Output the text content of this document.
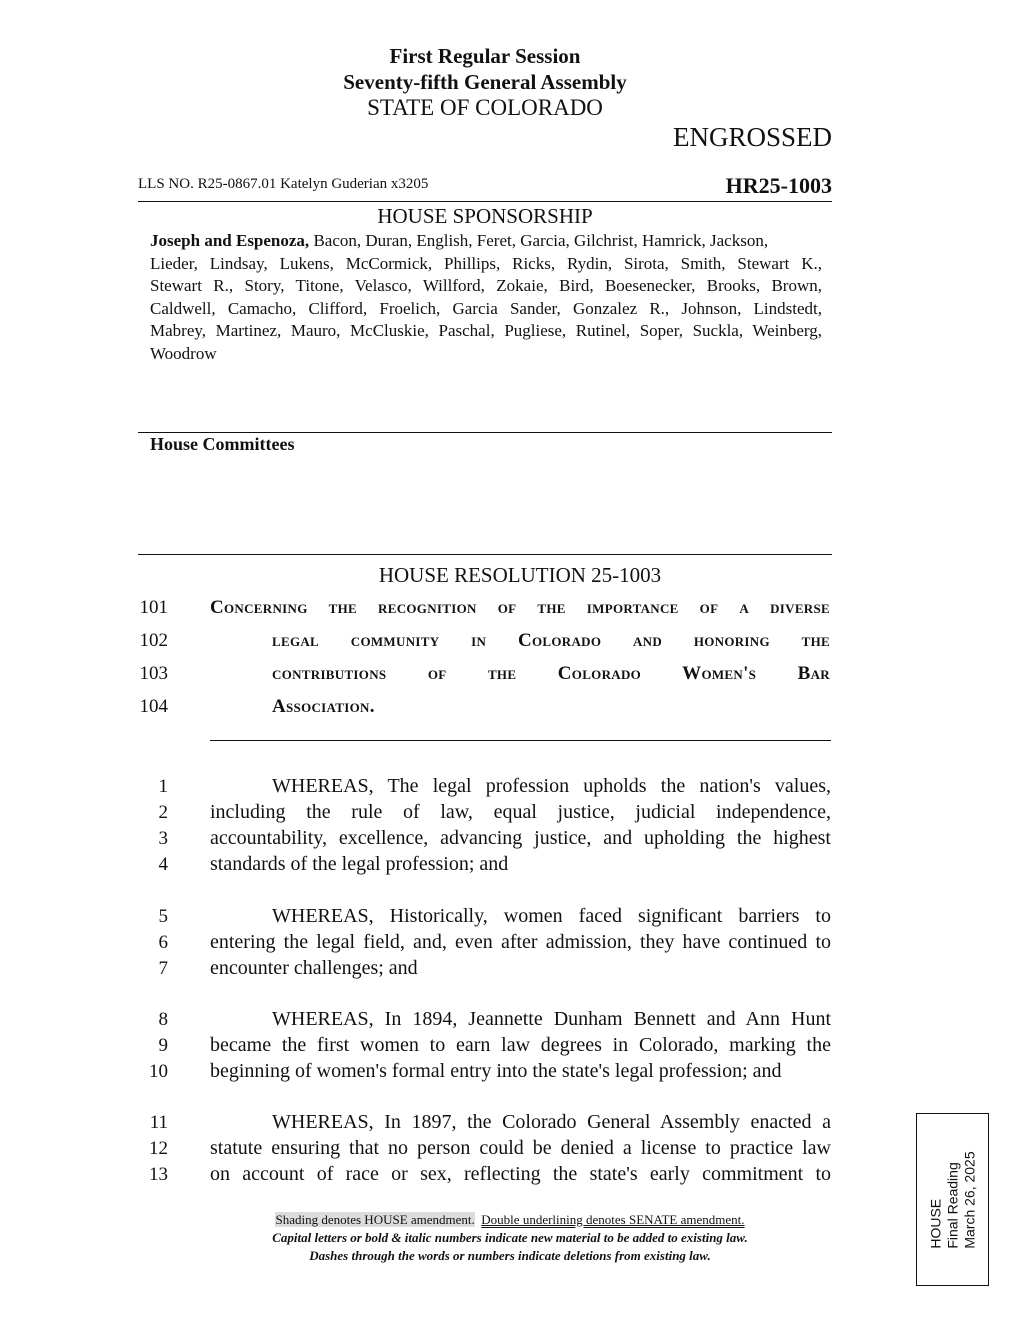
First Regular Session
Seventy-fifth General Assembly
STATE OF COLORADO
ENGROSSED
LLS NO. R25-0867.01 Katelyn Guderian x3205	HR25-1003
HOUSE SPONSORSHIP
Joseph and Espenoza, Bacon, Duran, English, Feret, Garcia, Gilchrist, Hamrick, Jackson,
Lieder, Lindsay, Lukens, McCormick, Phillips, Ricks, Rydin, Sirota, Smith, Stewart K.,
Stewart R., Story, Titone, Velasco, Willford, Zokaie, Bird, Boesenecker, Brooks, Brown,
Caldwell, Camacho, Clifford, Froelich, Garcia Sander, Gonzalez R., Johnson, Lindstedt,
Mabrey, Martinez, Mauro, McCluskie, Paschal, Pugliese, Rutinel, Soper, Suckla, Weinberg,
Woodrow
House Committees
HOUSE RESOLUTION 25-1003
101 Concerning the recognition of the importance of a diverse
102	legal community in Colorado and honoring the
103	contributions of the Colorado Women's Bar
104	Association.
1	WHEREAS, The legal profession upholds the nation's values,
2 including the rule of law, equal justice, judicial independence,
3 accountability, excellence, advancing justice, and upholding the highest
4 standards of the legal profession; and
5	WHEREAS, Historically, women faced significant barriers to
6 entering the legal field, and, even after admission, they have continued to
7 encounter challenges; and
8	WHEREAS, In 1894, Jeannette Dunham Bennett and Ann Hunt
9 became the first women to earn law degrees in Colorado, marking the
10 beginning of women's formal entry into the state's legal profession; and
11	WHEREAS, In 1897, the Colorado General Assembly enacted a
12 statute ensuring that no person could be denied a license to practice law
13 on account of race or sex, reflecting the state's early commitment to
Shading denotes HOUSE amendment. Double underlining denotes SENATE amendment.
Capital letters or bold & italic numbers indicate new material to be added to existing law.
Dashes through the words or numbers indicate deletions from existing law.
HOUSE Final Reading March 26, 2025
